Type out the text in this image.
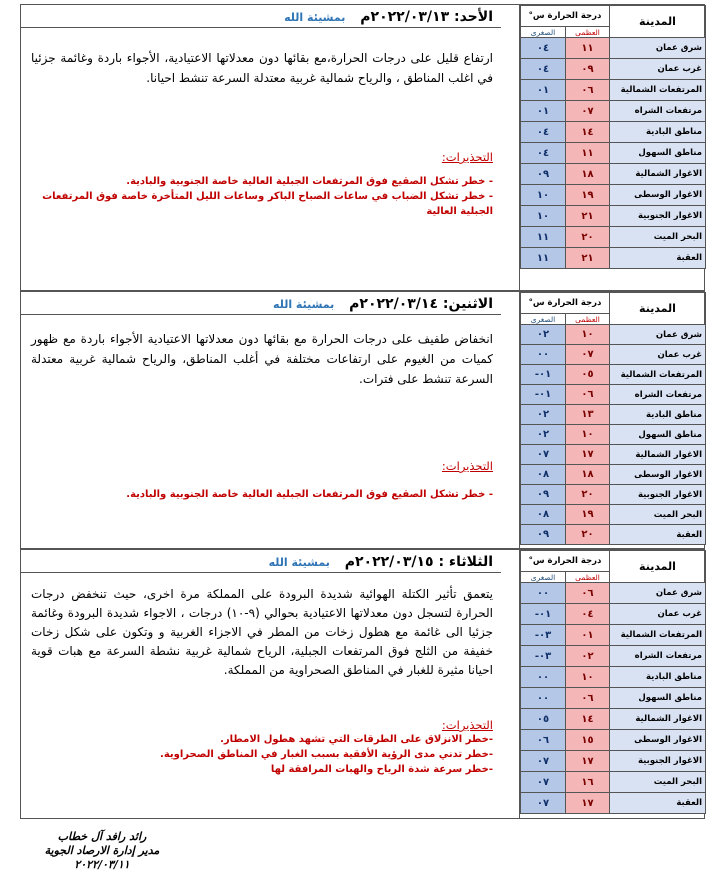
المدينة	درجة الحرارة س°	
	العظمى	الصغرى
شرق عمان	١١	٠٤
غرب عمان	٠٩	٠٤
المرتفعات الشمالية	٠٦	٠١
مرتفعات الشراه	٠٧	٠١
مناطق البادية	١٤	٠٤
مناطق السهول	١١	٠٤
الاغوار الشمالية	١٨	٠٩
الاغوار الوسطى	١٩	١٠
الاغوار الجنوبية	٢١	١٠
البحر الميت	٢٠	١١
العقبة	٢١	١١
الأحد: ٢٠٢٢/٠٣/١٣م بمشيئة الله
ارتفاع قليل على درجات الحرارة،مع بقائها دون معدلاتها الاعتيادية، الأجواء باردة وغائمة جزئيا في اغلب المناطق ، والرياح شمالية غربية معتدلة السرعة تنشط احيانا.
التحذيرات:
- خطر تشكل الصقيع فوق المرتفعات الجبلية العالية خاصة الجنوبية والبادية.
- خطر تشكل الضباب في ساعات الصباح الباكر وساعات الليل المتأخرة خاصة فوق المرتفعات الجبلية العالية
المدينة	درجة الحرارة س°	
	العظمى	الصغرى
شرق عمان	١٠	٠٢
غرب عمان	٠٧	٠٠
المرتفعات الشمالية	٠٥	٠١-
مرتفعات الشراه	٠٦	٠١-
مناطق البادية	١٣	٠٢
مناطق السهول	١٠	٠٢
الاغوار الشمالية	١٧	٠٧
الاغوار الوسطى	١٨	٠٨
الاغوار الجنوبية	٢٠	٠٩
البحر الميت	١٩	٠٨
العقبة	٢٠	٠٩
الاثنين: ٢٠٢٢/٠٣/١٤م بمشيئة الله
انخفاض طفيف على درجات الحرارة مع بقائها دون معدلاتها الاعتيادية الأجواء باردة مع ظهور كميات من الغيوم على ارتفاعات مختلفة في أغلب المناطق، والرياح شمالية غربية معتدلة السرعة تنشط على فترات.
التحذيرات:
- خطر تشكل الصقيع فوق المرتفعات الجبلية العالية خاصة الجنوبية والبادية.
المدينة	درجة الحرارة س°	
	العظمى	الصغرى
شرق عمان	٠٦	٠٠
غرب عمان	٠٤	٠١-
المرتفعات الشمالية	٠١	٠٣-
مرتفعات الشراه	٠٢	٠٣-
مناطق البادية	١٠	٠٠
مناطق السهول	٠٦	٠٠
الاغوار الشمالية	١٤	٠٥
الاغوار الوسطى	١٥	٠٦
الاغوار الجنوبية	١٧	٠٧
البحر الميت	١٦	٠٧
العقبة	١٧	٠٧
الثلاثاء : ٢٠٢٢/٠٣/١٥م بمشيئة الله
يتعمق تأثير الكتلة الهوائية شديدة البرودة على المملكة مرة اخرى، حيث تنخفض درجات الحرارة لتسجل دون معدلاتها الاعتيادية بحوالي (٩-١٠) درجات ، الاجواء شديدة البرودة وغائمة جزئيا الى غائمة مع هطول زخات من المطر في الاجزاء الغربية و وتكون على شكل زخات خفيفة من الثلج فوق المرتفعات الجبلية، الرياح شمالية غربية نشطة السرعة مع هبات قوية احيانا مثيرة للغبار في المناطق الصحراوية من المملكة.
التحذيرات:
-خطر الانزلاق على الطرقات التي تشهد هطول الامطار.
-خطر تدني مدى الرؤية الأفقية بسبب الغبار في المناطق الصحراوية.
-خطر سرعة شدة الرياح والهبات المرافقة لها
رائد رافد آل خطاب
مدير إدارة الارصاد الجوية
٢٠٢٢/٠٣/١١
